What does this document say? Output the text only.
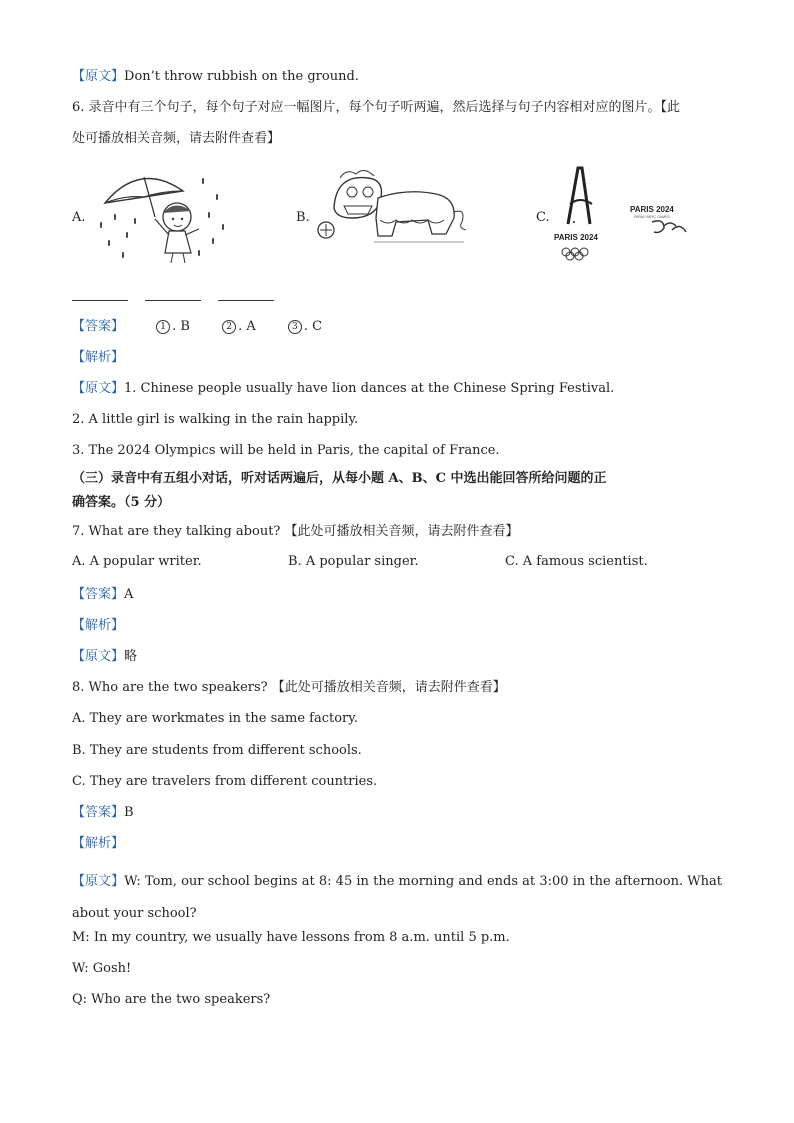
【原文】Don’t throw rubbish on the ground.
6. 录音中有三个句子，每个句子对应一幅图片，每个句子听两遍，然后选择与句子内容相对应的图片。【此
处可播放相关音频，请去附件查看】
A.	B.	C.
PARIS 2024
PARIS 2024
PARALYMPIC GAMES
【答案】	1 . B	2 . A	3 . C
【解析】
【原文】1. Chinese people usually have lion dances at the Chinese Spring Festival.
2. A little girl is walking in the rain happily.
3. The 2024 Olympics will be held in Paris, the capital of France.
（三）录音中有五组小对话，听对话两遍后，从每小题 A、B、C 中选出能回答所给问题的正
确答案。（5 分）
7. What are they talking about? 【此处可播放相关音频，请去附件查看】
A. A popular writer.	B. A popular singer.	C. A famous scientist.
【答案】A
【解析】
【原文】略
8. Who are the two speakers? 【此处可播放相关音频，请去附件查看】
A. They are workmates in the same factory.
B. They are students from different schools.
C. They are travelers from different countries.
【答案】B
【解析】
【原文】W: Tom, our school begins at 8: 45 in the morning and ends at 3:00 in the afternoon. What about your school?
M: In my country, we usually have lessons from 8 a.m. until 5 p.m.
W: Gosh!
Q: Who are the two speakers?
